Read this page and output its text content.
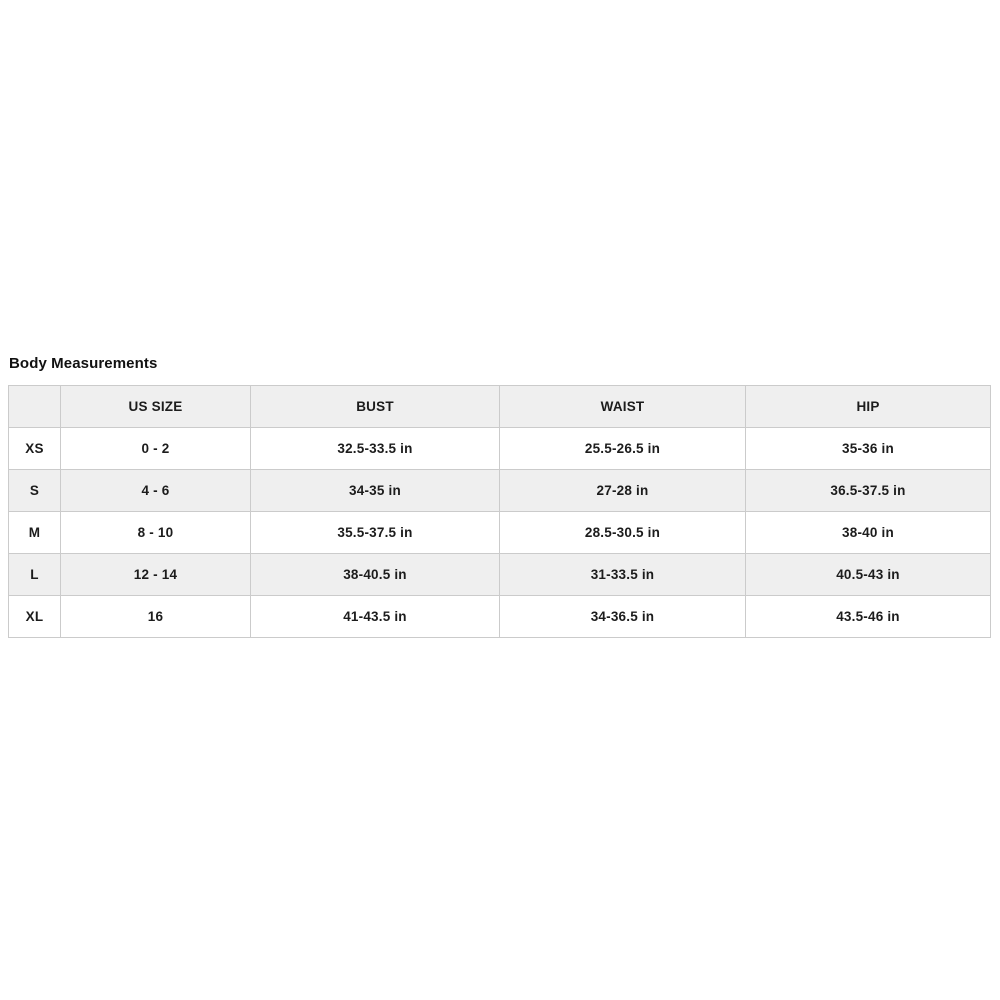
Body Measurements
	US SIZE	BUST	WAIST	HIP
XS	0 - 2	32.5-33.5 in	25.5-26.5 in	35-36 in
S	4 - 6	34-35 in	27-28 in	36.5-37.5 in
M	8 - 10	35.5-37.5 in	28.5-30.5 in	38-40 in
L	12 - 14	38-40.5 in	31-33.5 in	40.5-43 in
XL	16	41-43.5 in	34-36.5 in	43.5-46 in
